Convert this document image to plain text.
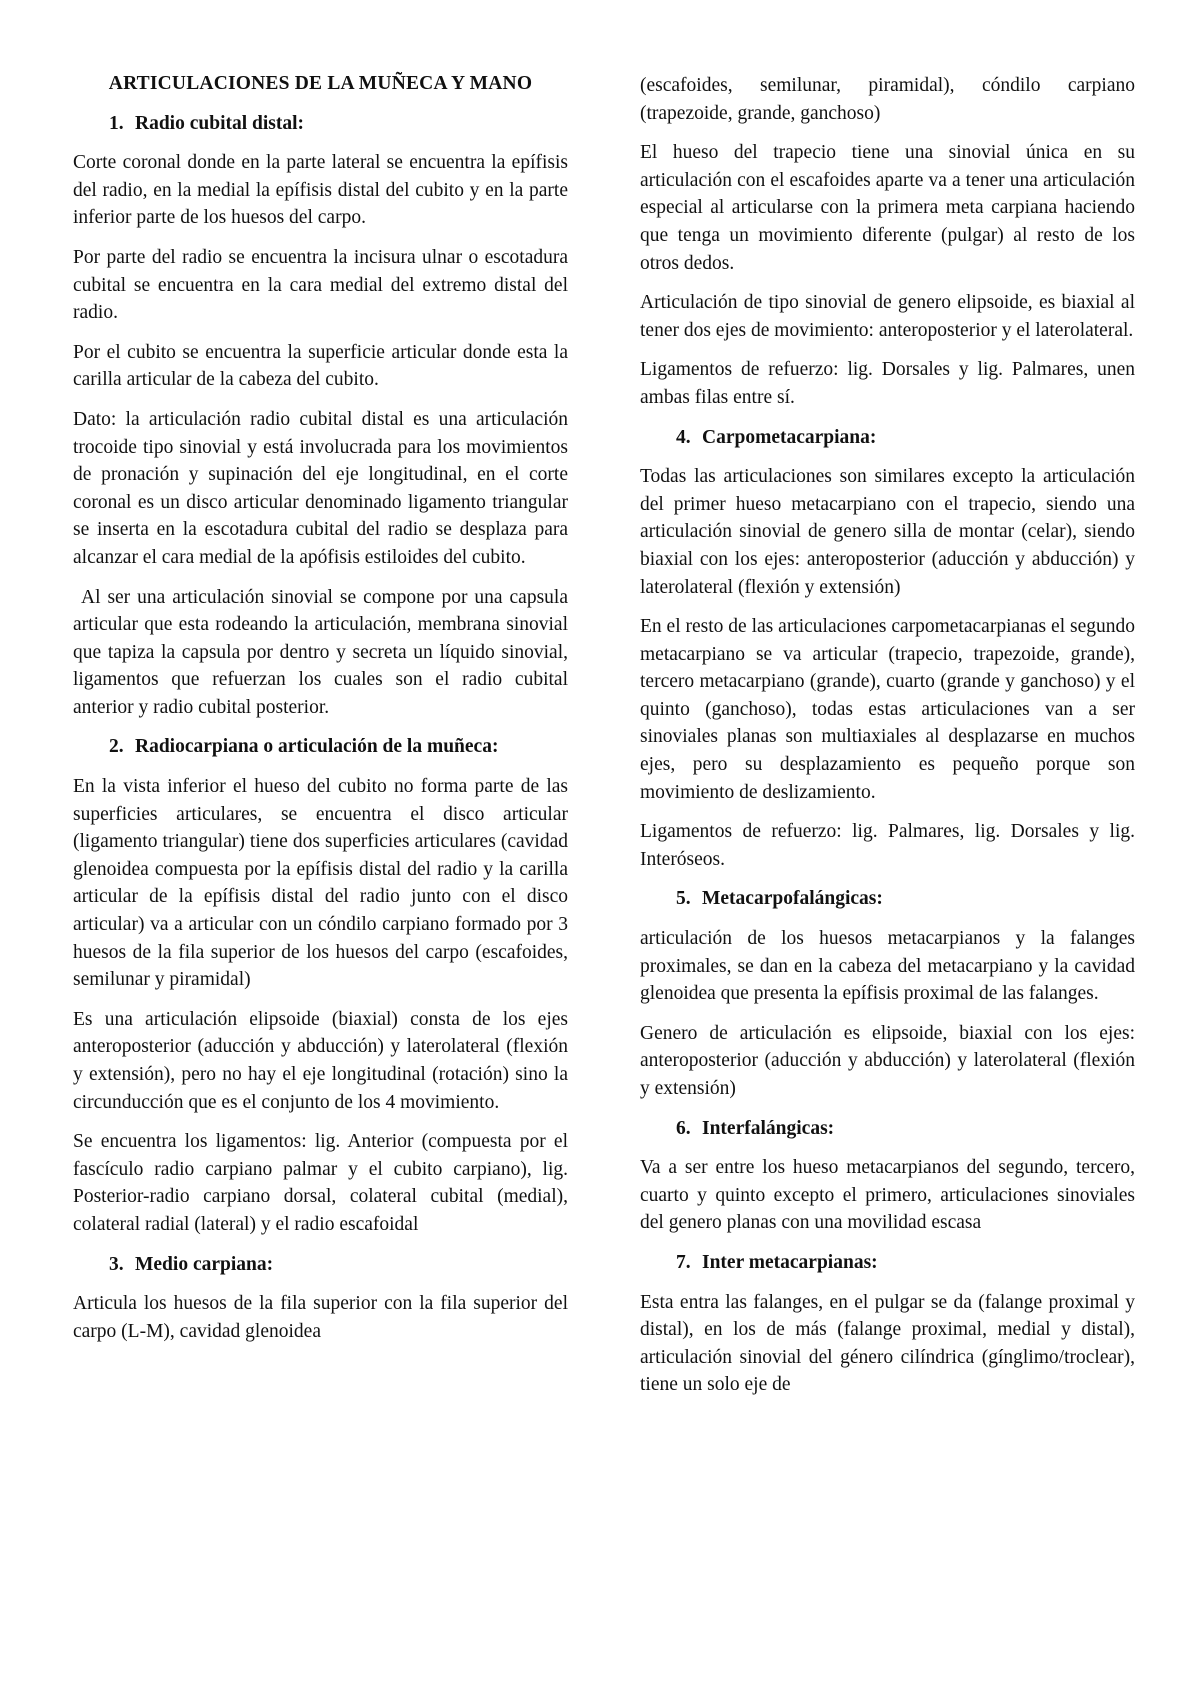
ARTICULACIONES DE LA MUÑECA Y MANO
1. Radio cubital distal:

Corte coronal donde en la parte lateral se encuentra la epífisis del radio, en la medial la epífisis distal del cubito y en la parte inferior parte de los huesos del carpo.

Por parte del radio se encuentra la incisura ulnar o escotadura cubital se encuentra en la cara medial del extremo distal del radio.

Por el cubito se encuentra la superficie articular donde esta la carilla articular de la cabeza del cubito.

Dato: la articulación radio cubital distal es una articulación trocoide tipo sinovial y está involucrada para los movimientos de pronación y supinación del eje longitudinal, en el corte coronal es un disco articular denominado ligamento triangular se inserta en la escotadura cubital del radio se desplaza para alcanzar el cara medial de la apófisis estiloides del cubito.

Al ser una articulación sinovial se compone por una capsula articular que esta rodeando la articulación, membrana sinovial que tapiza la capsula por dentro y secreta un líquido sinovial, ligamentos que refuerzan los cuales son el radio cubital anterior y radio cubital posterior.

2. Radiocarpiana o articulación de la muñeca:

En la vista inferior el hueso del cubito no forma parte de las superficies articulares, se encuentra el disco articular (ligamento triangular) tiene dos superficies articulares (cavidad glenoidea compuesta por la epífisis distal del radio y la carilla articular de la epífisis distal del radio junto con el disco articular) va a articular con un cóndilo carpiano formado por 3 huesos de la fila superior de los huesos del carpo (escafoides, semilunar y piramidal)

Es una articulación elipsoide (biaxial) consta de los ejes anteroposterior (aducción y abducción) y laterolateral (flexión y extensión), pero no hay el eje longitudinal (rotación) sino la circunducción que es el conjunto de los 4 movimiento.

Se encuentra los ligamentos: lig. Anterior (compuesta por el fascículo radio carpiano palmar y el cubito carpiano), lig. Posterior-radio carpiano dorsal, colateral cubital (medial), colateral radial (lateral) y el radio escafoidal

3. Medio carpiana:

Articula los huesos de la fila superior con la fila superior del carpo (L-M), cavidad glenoidea

(escafoides, semilunar, piramidal), cóndilo carpiano (trapezoide, grande, ganchoso)

El hueso del trapecio tiene una sinovial única en su articulación con el escafoides aparte va a tener una articulación especial al articularse con la primera meta carpiana haciendo que tenga un movimiento diferente (pulgar) al resto de los otros dedos.

Articulación de tipo sinovial de genero elipsoide, es biaxial al tener dos ejes de movimiento: anteroposterior y el laterolateral.

Ligamentos de refuerzo: lig. Dorsales y lig. Palmares, unen ambas filas entre sí.

4. Carpometacarpiana:

Todas las articulaciones son similares excepto la articulación del primer hueso metacarpiano con el trapecio, siendo una articulación sinovial de genero silla de montar (celar), siendo biaxial con los ejes: anteroposterior (aducción y abducción) y laterolateral (flexión y extensión)

En el resto de las articulaciones carpometacarpianas el segundo metacarpiano se va articular (trapecio, trapezoide, grande), tercero metacarpiano (grande), cuarto (grande y ganchoso) y el quinto (ganchoso), todas estas articulaciones van a ser sinoviales planas son multiaxiales al desplazarse en muchos ejes, pero su desplazamiento es pequeño porque son movimiento de deslizamiento.

Ligamentos de refuerzo: lig. Palmares, lig. Dorsales y lig. Interóseos.

5. Metacarpofalángicas:

articulación de los huesos metacarpianos y la falanges proximales, se dan en la cabeza del metacarpiano y la cavidad glenoidea que presenta la epífisis proximal de las falanges.

Genero de articulación es elipsoide, biaxial con los ejes: anteroposterior (aducción y abducción) y laterolateral (flexión y extensión)

6. Interfalángicas:

Va a ser entre los hueso metacarpianos del segundo, tercero, cuarto y quinto excepto el primero, articulaciones sinoviales del genero planas con una movilidad escasa

7. Inter metacarpianas:

Esta entra las falanges, en el pulgar se da (falange proximal y distal), en los de más (falange proximal, medial y distal), articulación sinovial del género cilíndrica (gínglimo/troclear), tiene un solo eje de
